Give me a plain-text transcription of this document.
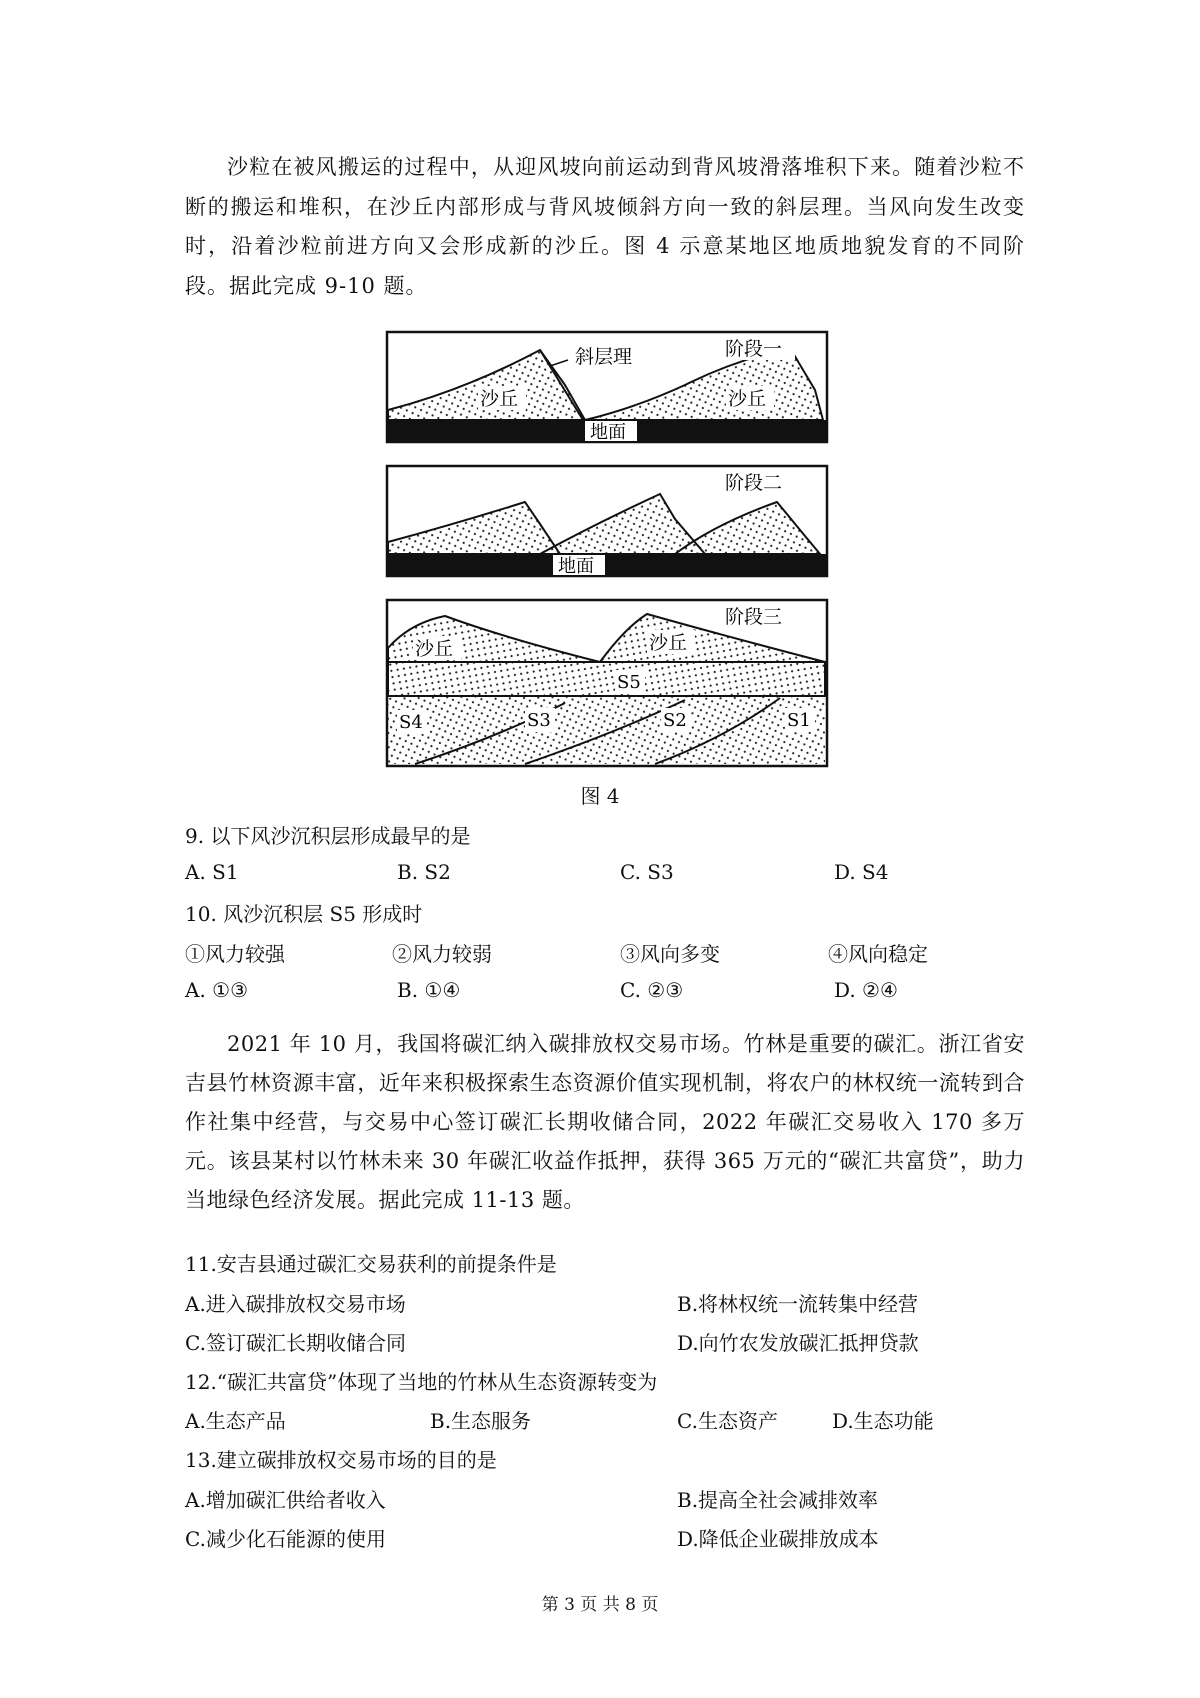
沙粒在被风搬运的过程中，从迎风坡向前运动到背风坡滑落堆积下来。随着沙粒不断的搬运和堆积，在沙丘内部形成与背风坡倾斜方向一致的斜层理。当风向发生改变时，沿着沙粒前进方向又会形成新的沙丘。图 4 示意某地区地质地貌发育的不同阶段。据此完成 9-10 题。
沙丘	沙丘
斜层理	阶段一
地面
阶段二
地面
沙丘	沙丘
阶段三
S5
S4	S3	S2	S1
图 4
9. 以下风沙沉积层形成最早的是
A. S1	B. S2	C. S3	D. S4
10. 风沙沉积层 S5 形成时
①风力较强	②风力较弱	③风向多变	④风向稳定
A. ①③	B. ①④	C. ②③	D. ②④
2021 年 10 月，我国将碳汇纳入碳排放权交易市场。竹林是重要的碳汇。浙江省安吉县竹林资源丰富，近年来积极探索生态资源价值实现机制，将农户的林权统一流转到合作社集中经营，与交易中心签订碳汇长期收储合同，2022 年碳汇交易收入 170 多万元。该县某村以竹林未来 30 年碳汇收益作抵押，获得 365 万元的“碳汇共富贷”，助力当地绿色经济发展。据此完成 11-13 题。
11.安吉县通过碳汇交易获利的前提条件是
A.进入碳排放权交易市场	B.将林权统一流转集中经营
C.签订碳汇长期收储合同	D.向竹农发放碳汇抵押贷款
12.“碳汇共富贷”体现了当地的竹林从生态资源转变为
A.生态产品	B.生态服务	C.生态资产	D.生态功能
13.建立碳排放权交易市场的目的是
A.增加碳汇供给者收入	B.提高全社会减排效率
C.减少化石能源的使用	D.降低企业碳排放成本
第 3 页 共 8 页
